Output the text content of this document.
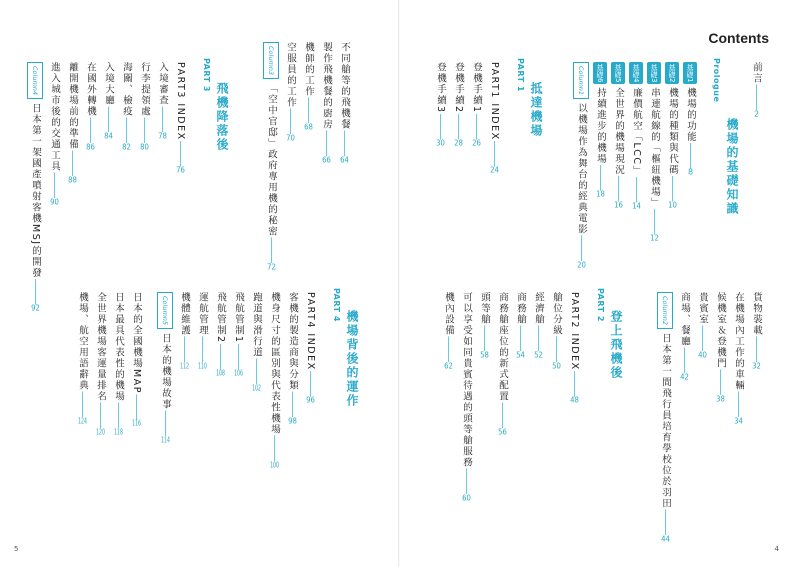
Contents
前言———2
Prologue
機場的基礎知識
基礎1機場的功能———8
基礎2機場的種類與代碼———10
基礎3串連航線的「樞紐機場」———12
基礎4廉價航空「LCC」———14
基礎5全世界的機場現況———16
基礎6持續進步的機場———18
Column1以機場作為舞台的經典電影———20
PART 1
抵達機場
PART1 INDEX———24
登機手續1———26
登機手續2———28
登機手續3———30
貨物裝載———32
在機場內工作的車輛———34
候機室＆登機門———38
貴賓室———40
商場、餐廳———42
Column2日本第一間飛行員培育學校位於羽田———44
PART 2
登上飛機後
PART2 INDEX———48
艙位分級———50
經濟艙———52
商務艙———54
商務艙座位的新式配置———56
頭等艙———58
可以享受如同貴賓待遇的頭等艙服務———60
機內設備———62
4
不同艙等的飛機餐———64
製作飛機餐的廚房———66
機師的工作———68
空服員的工作———70
Column3「空中官邸」政府專用機的秘密———72
PART 3
飛機降落後
PART3 INDEX———76
入境審查———78
行李提領處———80
海關、檢疫———82
入境大廳———84
在國外轉機———86
離開機場前的準備———88
進入城市後的交通工具———90
Column4日本第一架國產噴射客機MSJ的開發———92	PART 4
機場背後的運作
PART4 INDEX———96
客機的製造商與分類———98
機身尺寸的區別與代表性機場———100
跑道與滑行道———102
飛航管制1———106
飛航管制2———108
運航管理———110
機體維護———112
Column5日本的機場故事———114
日本的全國機場MAP———116
日本最具代表性的機場———118
全世界機場客運量排名———120
機場、航空用語辭典———124
5
